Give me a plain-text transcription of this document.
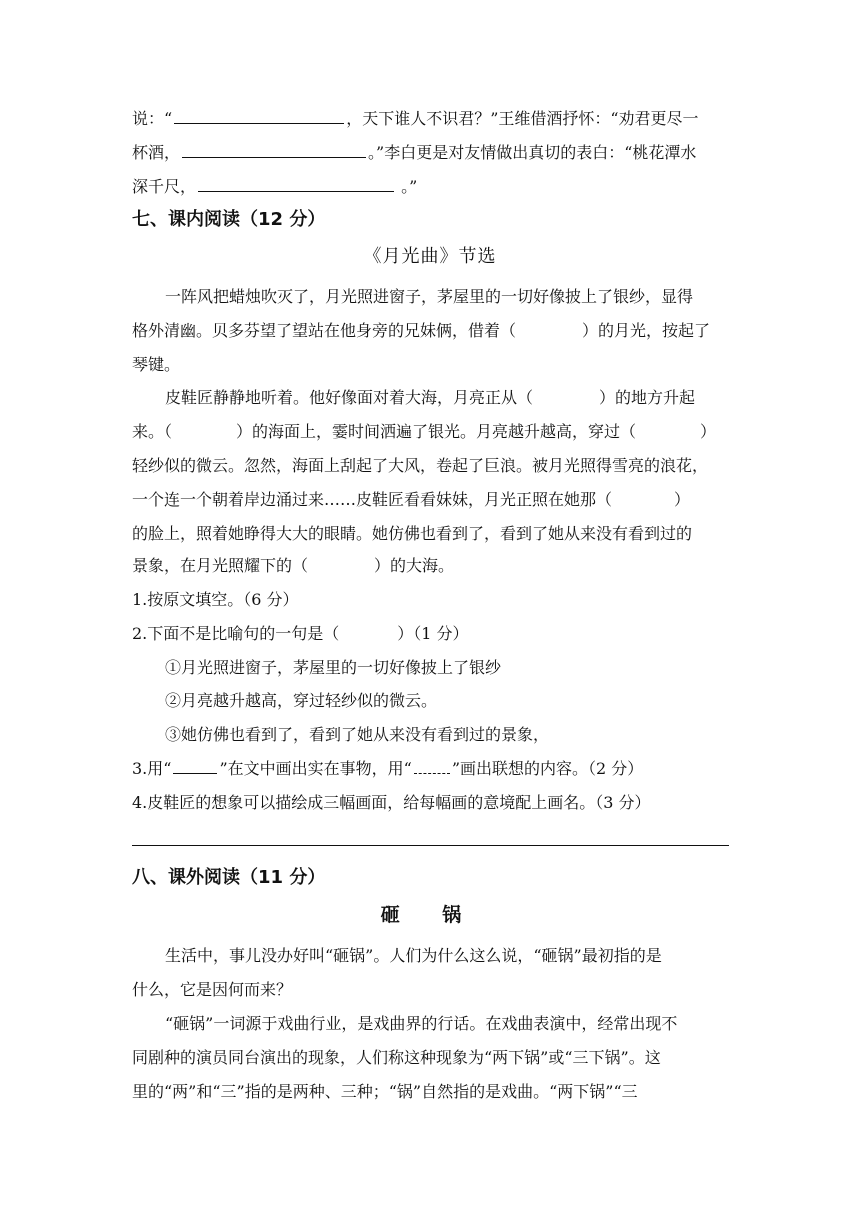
说：“	，天下谁人不识君？”王维借酒抒怀：“劝君更尽一
杯酒，	。”李白更是对友情做出真切的表白：“桃花潭水
深千尺，	。”
七、课内阅读（12 分）
《月光曲》节选
一阵风把蜡烛吹灭了，月光照进窗子，茅屋里的一切好像披上了银纱，显得
格外清幽。贝多芬望了望站在他身旁的兄妹俩，借着（	）的月光，按起了
琴键。
皮鞋匠静静地听着。他好像面对着大海，月亮正从（	）的地方升起
来。（	）的海面上，霎时间洒遍了银光。月亮越升越高，穿过（	）
轻纱似的微云。忽然，海面上刮起了大风，卷起了巨浪。被月光照得雪亮的浪花，
一个连一个朝着岸边涌过来……皮鞋匠看看妹妹，月光正照在她那（	）
的脸上，照着她睁得大大的眼睛。她仿佛也看到了，看到了她从来没有看到过的
景象，在月光照耀下的（	）的大海。
1.按原文填空。（6 分）
2.下面不是比喻句的一句是（	）（1 分）
①月光照进窗子，茅屋里的一切好像披上了银纱
②月亮越升越高，穿过轻纱似的微云。
③她仿佛也看到了，看到了她从来没有看到过的景象，
3.用“	”在文中画出实在事物，用“	”画出联想的内容。（2 分）
4.皮鞋匠的想象可以描绘成三幅画面，给每幅画的意境配上画名。（3 分）
八、课外阅读（11 分）
砸 锅
生活中，事儿没办好叫“砸锅”。人们为什么这么说，“砸锅”最初指的是
什么，它是因何而来？
“砸锅”一词源于戏曲行业，是戏曲界的行话。在戏曲表演中，经常出现不
同剧种的演员同台演出的现象，人们称这种现象为“两下锅”或“三下锅”。这
里的“两”和“三”指的是两种、三种；“锅”自然指的是戏曲。“两下锅”“三
